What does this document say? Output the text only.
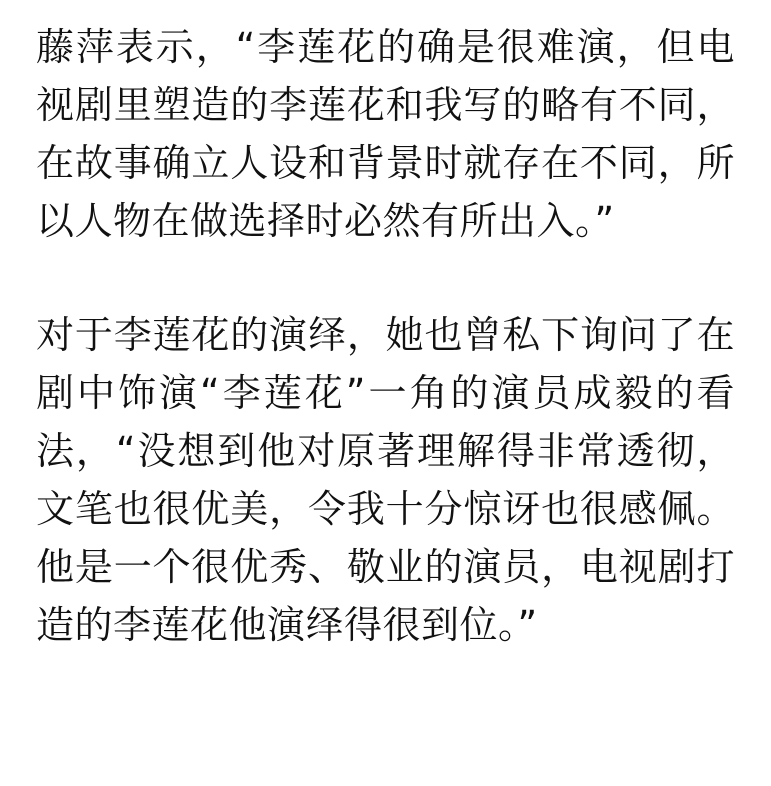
藤萍表示，“李莲花的确是很难演，但电视剧里塑造的李莲花和我写的略有不同，在故事确立人设和背景时就存在不同，所以人物在做选择时必然有所出入。”

对于李莲花的演绎，她也曾私下询问了在剧中饰演“李莲花”一角的演员成毅的看法，“没想到他对原著理解得非常透彻，文笔也很优美，令我十分惊讶也很感佩。他是一个很优秀、敬业的演员，电视剧打造的李莲花他演绎得很到位。”
